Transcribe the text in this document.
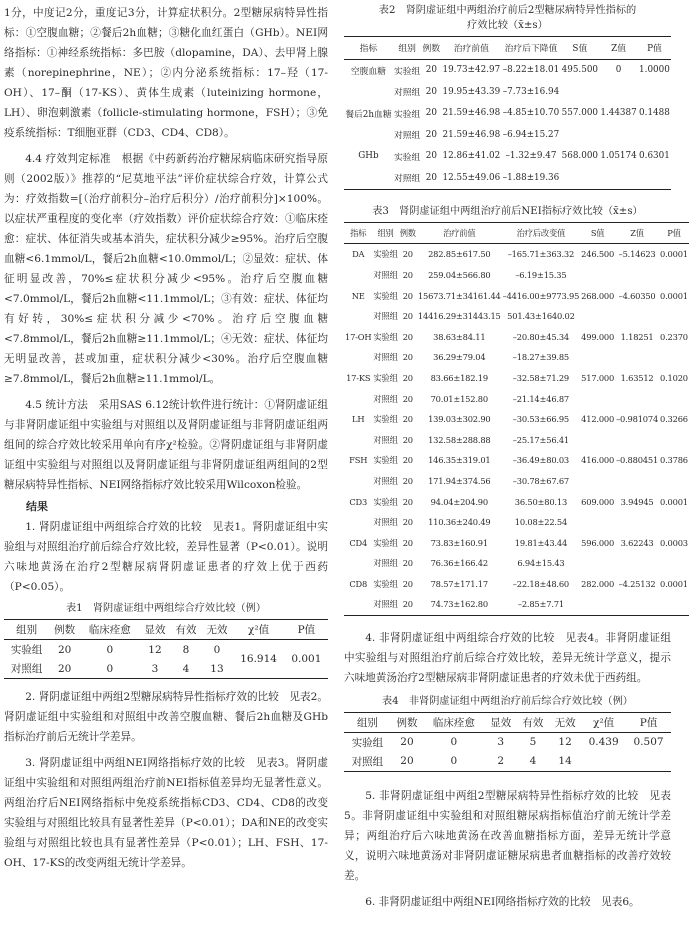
1分，中度记2分，重度记3分，计算症状积分。2型糖尿病特异性指标：①空腹血糖；②餐后2h血糖；③糖化血红蛋白（GHb）。NEI网络指标：①神经系统指标：多巴胺（dlopamine，DA）、去甲肾上腺素（norepinephrine，NE）；②内分泌系统指标：17–羟（17-OH）、17–酮（17-KS）、黄体生成素（luteinizing hormone，LH）、卵泡刺激素（follicle-stimulating hormone，FSH）；③免疫系统指标：T细胞亚群（CD3、CD4、CD8）。

4.4 疗效判定标准　根据《中药新药治疗糖尿病临床研究指导原则（2002版）》推荐的“尼莫地平法”评价症状综合疗效，计算公式为：疗效指数=[（治疗前积分–治疗后积分）/治疗前积分]×100%。以症状严重程度的变化率（疗效指数）评价症状综合疗效：①临床痊愈：症状、体征消失或基本消失，症状积分减少≥95%。治疗后空腹血糖<6.1mmol/L，餐后2h血糖<10.0mmol/L；②显效：症状、体征明显改善，70%≤症状积分减少<95%。治疗后空腹血糖<7.0mmol/L，餐后2h血糖<11.1mmol/L；③有效：症状、体征均有好转，30%≤症状积分减少<70%。治疗后空腹血糖<7.8mmol/L，餐后2h血糖≥11.1mmol/L；④无效：症状、体征均无明显改善，甚或加重，症状积分减少<30%。治疗后空腹血糖≥7.8mmol/L，餐后2h血糖≥11.1mmol/L。

4.5 统计方法　采用SAS 6.12统计软件进行统计：①肾阴虚证组与非肾阴虚证组中实验组与对照组以及肾阴虚证组与非肾阴虚证组两组间的综合疗效比较采用单向有序χ²检验。②肾阴虚证组与非肾阴虚证组中实验组与对照组以及肾阴虚证组与非肾阴虚证组两组间的2型糖尿病特异性指标、NEI网络指标疗效比较采用Wilcoxon检验。

结果

1. 肾阴虚证组中两组综合疗效的比较　见表1。肾阴虚证组中实验组与对照组治疗前后综合疗效比较，差异性显著（P<0.01）。说明六味地黄汤在治疗2型糖尿病肾阴虚证患者的疗效上优于西药（P<0.05）。

表1　肾阴虚证组中两组综合疗效比较（例）

组别	例数	临床痊愈	显效	有效	无效	χ²值	P值
实验组	20	0	12	8	0	16.914	0.001
对照组	20	0	3	4	13		

2. 肾阴虚证组中两组2型糖尿病特异性指标疗效的比较　见表2。肾阴虚证组中实验组和对照组中改善空腹血糖、餐后2h血糖及GHb指标治疗前后无统计学差异。

3. 肾阴虚证组中两组NEI网络指标疗效的比较　见表3。肾阴虚证组中实验组和对照组两组治疗前NEI指标值差异均无显著性意义。两组治疗后NEI网络指标中免疫系统指标CD3、CD4、CD8的改变实验组与对照组比较具有显著性差异（P<0.01）；DA和NE的改变实验组与对照组比较也具有显著性差异（P<0.01）；LH、FSH、17-OH、17-KS的改变两组无统计学差异。

表2　肾阴虚证组中两组治疗前后2型糖尿病特异性指标的

疗效比较（x̄±s）

指标	组别	例数	治疗前值	治疗后下降值	S值	Z值	P值
空腹血糖	实验组	20	19.73±42.97	–8.22±18.01	495.500	0	1.0000
	对照组	20	19.95±43.39	–7.73±16.94			
餐后2h血糖	实验组	20	21.59±46.98	–4.85±10.70	557.000	1.44387	0.1488
	对照组	20	21.59±46.98	–6.94±15.27			
GHb	实验组	20	12.86±41.02	–1.32±9.47	568.000	1.05174	0.6301
	对照组	20	12.55±49.06	–1.88±19.36			

表3　肾阴虚证组中两组治疗前后NEI指标疗效比较（x̄±s）

指标	组别	例数	治疗前值	治疗后改变值	S值	Z值	P值
DA	实验组	20	282.85±617.50	–165.71±363.32	246.500	–5.14623	0.0001
	对照组	20	259.04±566.80	–6.19±15.35			
NE	实验组	20	15673.71±34161.44	–4416.00±9773.95	268.000	–4.60350	0.0001
	对照组	20	14416.29±31443.15	501.43±1640.02			
17-OH	实验组	20	38.63±84.11	–20.80±45.34	499.000	1.18251	0.2370
	对照组	20	36.29±79.04	–18.27±39.85			
17-KS	实验组	20	83.66±182.19	–32.58±71.29	517.000	1.63512	0.1020
	对照组	20	70.01±152.80	–21.14±46.87			
LH	实验组	20	139.03±302.90	–30.53±66.95	412.000	–0.981074	0.3266
	对照组	20	132.58±288.88	–25.17±56.41			
FSH	实验组	20	146.35±319.01	–36.49±80.03	416.000	–0.880451	0.3786
	对照组	20	171.94±374.56	–30.78±67.67			
CD3	实验组	20	94.04±204.90	36.50±80.13	609.000	3.94945	0.0001
	对照组	20	110.36±240.49	10.08±22.54			
CD4	实验组	20	73.83±160.91	19.81±43.44	596.000	3.62243	0.0003
	对照组	20	76.36±166.42	6.94±15.43			
CD8	实验组	20	78.57±171.17	–22.18±48.60	282.000	–4.25132	0.0001
	对照组	20	74.73±162.80	–2.85±7.71			

4. 非肾阴虚证组中两组综合疗效的比较　见表4。非肾阴虚证组中实验组与对照组治疗前后综合疗效比较，差异无统计学意义，提示六味地黄汤治疗2型糖尿病非肾阴虚证患者的疗效未优于西药组。

表4　非肾阴虚证组中两组治疗前后综合疗效比较（例）

组别	例数	临床痊愈	显效	有效	无效	χ²值	P值
实验组	20	0	3	5	12	0.439	0.507
对照组	20	0	2	4	14		

5. 非肾阴虚证组中两组2型糖尿病特异性指标疗效的比较　见表5。非肾阴虚证组中实验组和对照组糖尿病指标值治疗前无统计学差异；两组治疗后六味地黄汤在改善血糖指标方面，差异无统计学意义，说明六味地黄汤对非肾阴虚证糖尿病患者血糖指标的改善疗效较差。

6. 非肾阴虚证组中两组NEI网络指标疗效的比较　见表6。
